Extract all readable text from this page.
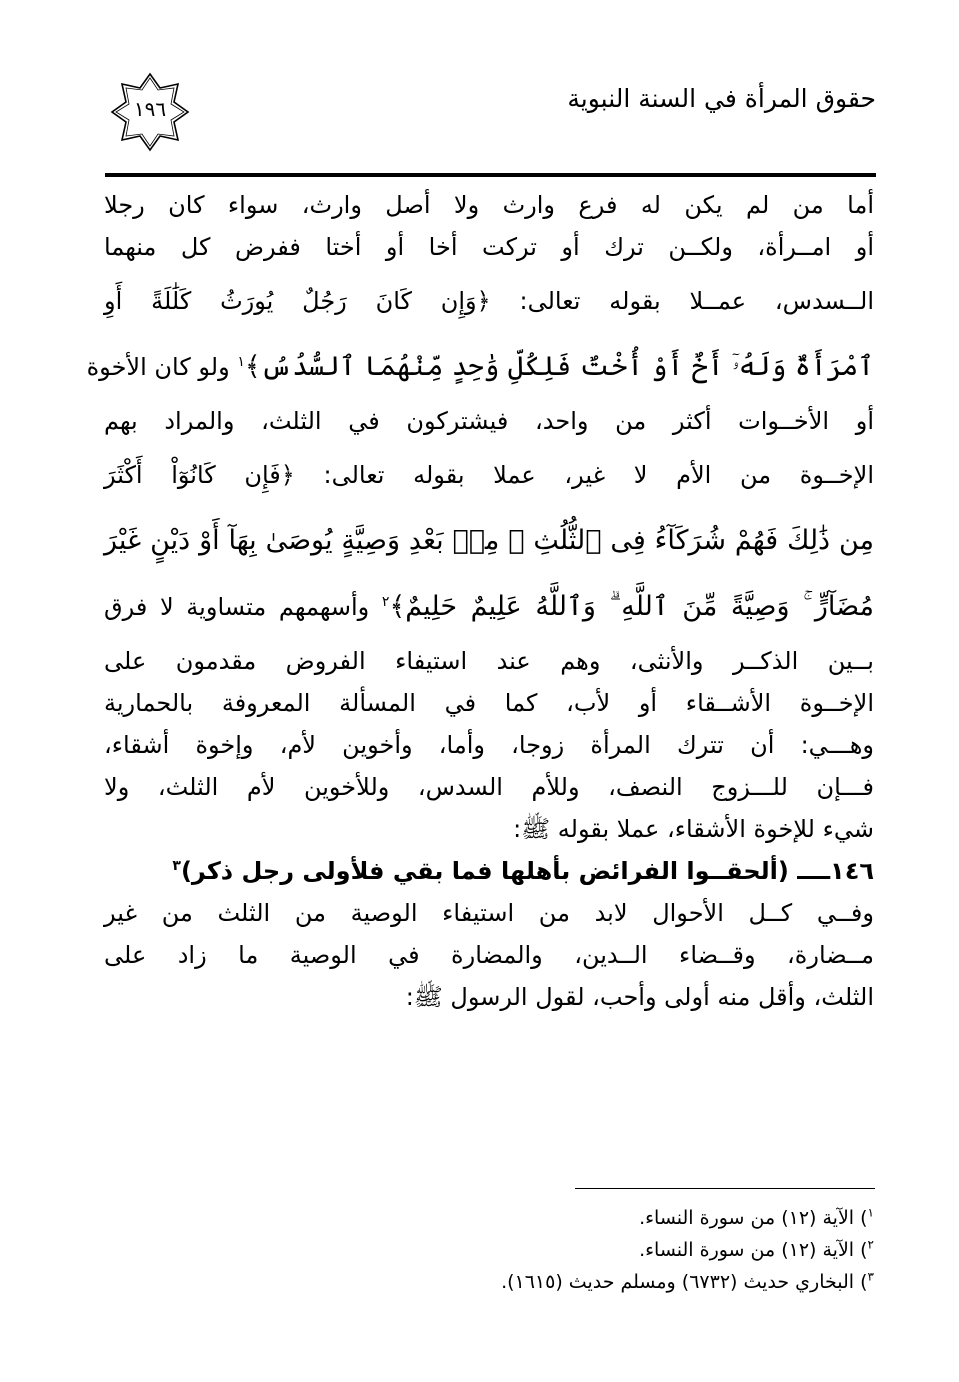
حقوق المرأة في السنة النبوية
١٩٦
أما من لم يكن له فرع وارث ولا أصل وارث، سواء كان رجلا
أو امــرأة، ولكــن ترك أو تركت أخا أو أختا ففرض كل منهما
الــسدس، عمــلا بقوله تعالى: ﴿وَإِن كَانَ رَجُلٌ يُورَثُ كَلَٰلَةً أَوِ
ٱمْرَأَةٌ وَلَهُۥٓ أَخٌ أَوْ أُخْتٌ فَلِكُلِّ وَٰحِدٍ مِّنْهُمَا ٱلسُّدُسُ﴾$^١$ ولو كان الأخوة
أو الأخــوات أكثر من واحد، فيشتركون في الثلث، والمراد بهم
الإخــوة من الأم لا غير، عملا بقوله تعالى: ﴿فَإِن كَانُوٓاْ أَكْثَرَ
مِن ذَٰلِكَ فَهُمْ شُرَكَآءُ فِى ٱلثُّلُثِ ۚ مِنۢ بَعْدِ وَصِيَّةٍ يُوصَىٰ بِهَآ أَوْ دَيْنٍ غَيْرَ
مُضَآرٍّ ۚ وَصِيَّةً مِّنَ ٱللَّهِ ۗ وَٱللَّهُ عَلِيمٌ حَلِيمٌ﴾$^٢$ وأسهمهم متساوية لا فرق
بــين الذكــر والأنثى، وهم عند استيفاء الفروض مقدمون على
الإخــوة الأشــقاء أو لأب، كما في المسألة المعروفة بالحمارية
وهـــي: أن تترك المرأة زوجا، وأما، وأخوين لأم، وإخوة أشقاء،
فـــإن للـــزوج النصف، وللأم السدس، وللأخوين لأم الثلث، ولا
شيء للإخوة الأشقاء، عملا بقوله ﷺ:
١٤٦ــــ (ألحقــوا الفرائض بأهلها فما بقي فلأولى رجل ذكر)$^٣$
وفــي كــل الأحوال لابد من استيفاء الوصية من الثلث من غير
مــضارة، وقــضاء الــدين، والمضارة في الوصية ما زاد على
الثلث، وأقل منه أولى وأحب، لقول الرسول ﷺ:
$^١$) الآية (١٢) من سورة النساء.
$^٢$) الآية (١٢) من سورة النساء.
$^٣$) البخاري حديث (٦٧٣٢) ومسلم حديث (١٦١٥).
